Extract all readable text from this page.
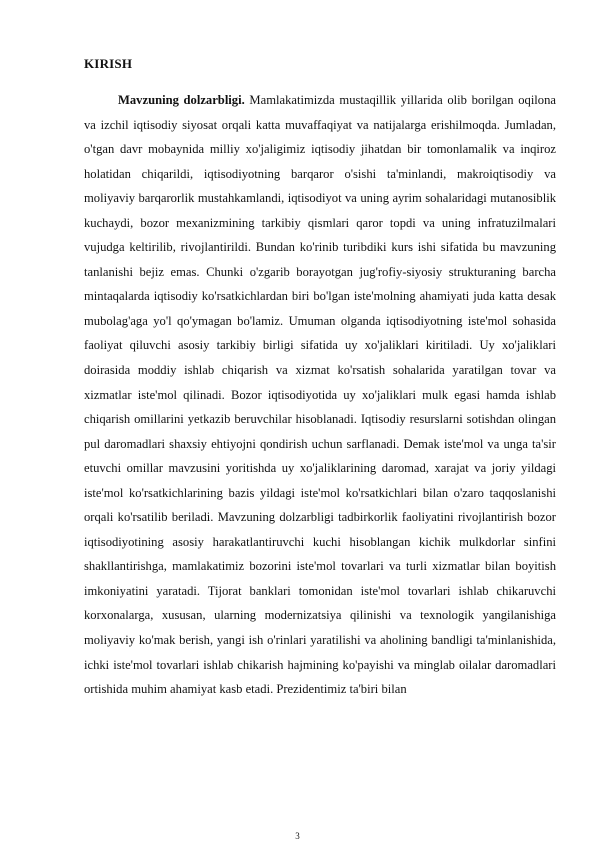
KIRISH

Mavzuning dolzarbligi. Mamlakatimizda mustaqillik yillarida olib borilgan oqilona va izchil iqtisodiy siyosat orqali katta muvaffaqiyat va natijalarga erishilmoqda. Jumladan, o'tgan davr mobaynida milliy xo'jaligimiz iqtisodiy jihatdan bir tomonlamalik va inqiroz holatidan chiqarildi, iqtisodiyotning barqaror o'sishi ta'minlandi, makroiqtisodiy va moliyaviy barqarorlik mustahkamlandi, iqtisodiyot va uning ayrim sohalaridagi mutanosiblik kuchaydi, bozor mexanizmining tarkibiy qismlari qaror topdi va uning infratuzilmalari vujudga keltirilib, rivojlantirildi. Bundan ko'rinib turibdiki kurs ishi sifatida bu mavzuning tanlanishi bejiz emas. Chunki o'zgarib borayotgan jug'rofiy-siyosiy strukturaning barcha mintaqalarda iqtisodiy ko'rsatkichlardan biri bo'lgan iste'molning ahamiyati juda katta desak mubolag'aga yo'l qo'ymagan bo'lamiz. Umuman olganda iqtisodiyotning iste'mol sohasida faoliyat qiluvchi asosiy tarkibiy birligi sifatida uy xo'jaliklari kiritiladi. Uy xo'jaliklari doirasida moddiy ishlab chiqarish va xizmat ko'rsatish sohalarida yaratilgan tovar va xizmatlar iste'mol qilinadi. Bozor iqtisodiyotida uy xo'jaliklari mulk egasi hamda ishlab chiqarish omillarini yetkazib beruvchilar hisoblanadi. Iqtisodiy resurslarni sotishdan olingan pul daromadlari shaxsiy ehtiyojni qondirish uchun sarflanadi. Demak iste'mol va unga ta'sir etuvchi omillar mavzusini yoritishda uy xo'jaliklarining daromad, xarajat va joriy yildagi iste'mol ko'rsatkichlarining bazis yildagi iste'mol ko'rsatkichlari bilan o'zaro taqqoslanishi orqali ko'rsatilib beriladi. Mavzuning dolzarbligi tadbirkorlik faoliyatini rivojlantirish bozor iqtisodiyotining asosiy harakatlantiruvchi kuchi hisoblangan kichik mulkdorlar sinfini shakllantirishga, mamlakatimiz bozorini iste'mol tovarlari va turli xizmatlar bilan boyitish imkoniyatini yaratadi. Tijorat banklari tomonidan iste'mol tovarlari ishlab chikaruvchi korxonalarga, xususan, ularning modernizatsiya qilinishi va texnologik yangilanishiga moliyaviy ko'mak berish, yangi ish o'rinlari yaratilishi va aholining bandligi ta'minlanishida, ichki iste'mol tovarlari ishlab chikarish hajmining ko'payishi va minglab oilalar daromadlari ortishida muhim ahamiyat kasb etadi. Prezidentimiz ta'biri bilan

3
